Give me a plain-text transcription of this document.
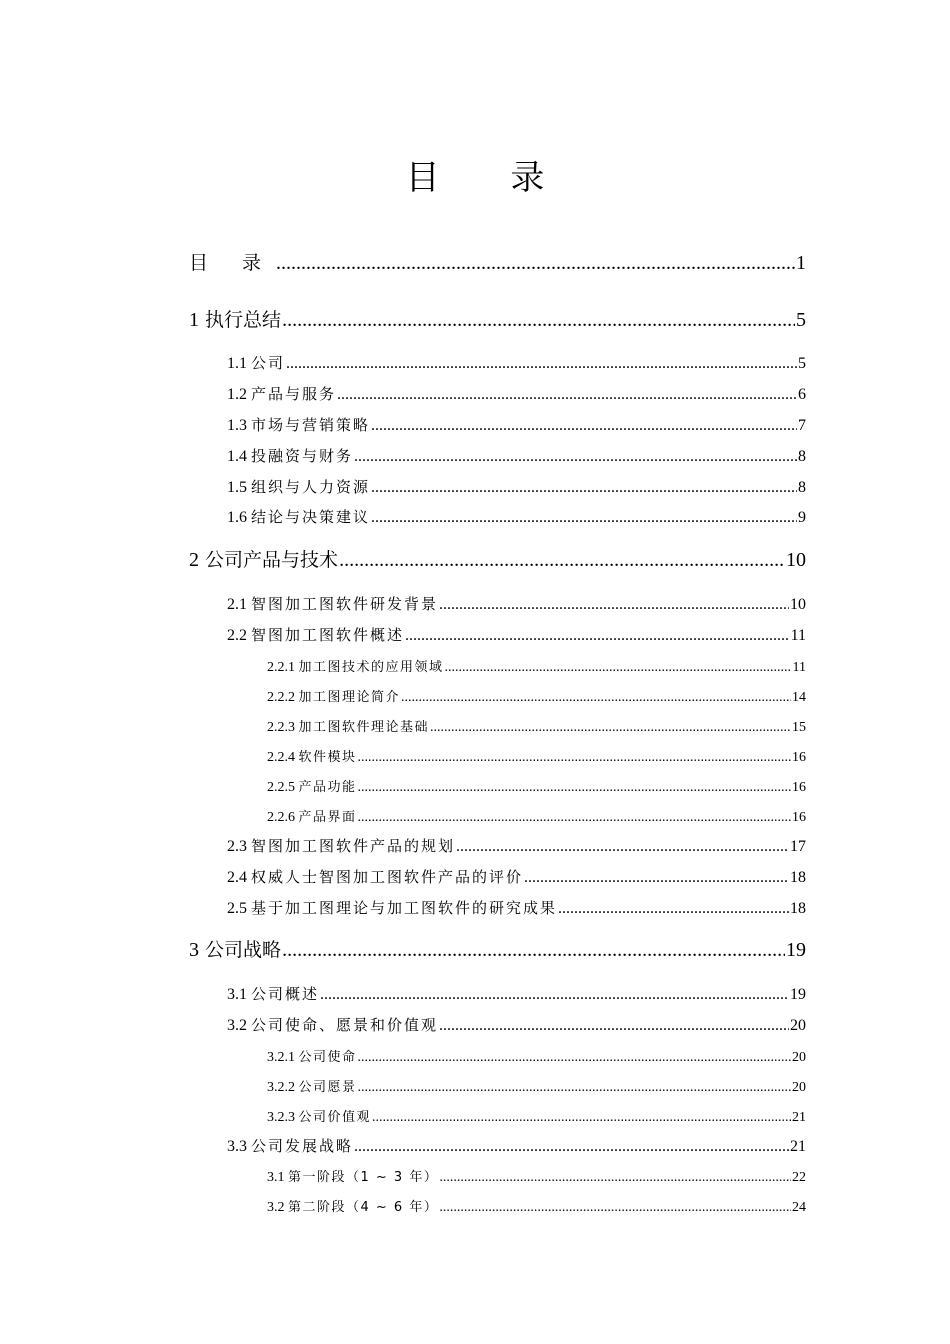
目 录
目 录 .....	1
1 执行总结 .....	5
1.1 公司 .....	5
1.2 产品与服务 .....	6
1.3 市场与营销策略 .....	7
1.4 投融资与财务 .....	8
1.5 组织与人力资源 .....	8
1.6 结论与决策建议 .....	9
2 公司产品与技术 .....	10
2.1 智图加工图软件研发背景 .....	10
2.2 智图加工图软件概述 .....	11
2.2.1 加工图技术的应用领域 .....	11
2.2.2 加工图理论简介 .....	14
2.2.3 加工图软件理论基础 .....	15
2.2.4 软件模块 .....	16
2.2.5 产品功能 .....	16
2.2.6 产品界面 .....	16
2.3 智图加工图软件产品的规划 .....	17
2.4 权威人士智图加工图软件产品的评价 .....	18
2.5 基于加工图理论与加工图软件的研究成果 .....	18
3 公司战略 .....	19
3.1 公司概述 .....	19
3.2 公司使命、愿景和价值观 .....	20
3.2.1 公司使命 .....	20
3.2.2 公司愿景 .....	20
3.2.3 公司价值观 .....	21
3.3 公司发展战略 .....	21
3.1 第一阶段（1 ~ 3 年） .....	22
3.2 第二阶段（4 ~ 6 年） .....	24
